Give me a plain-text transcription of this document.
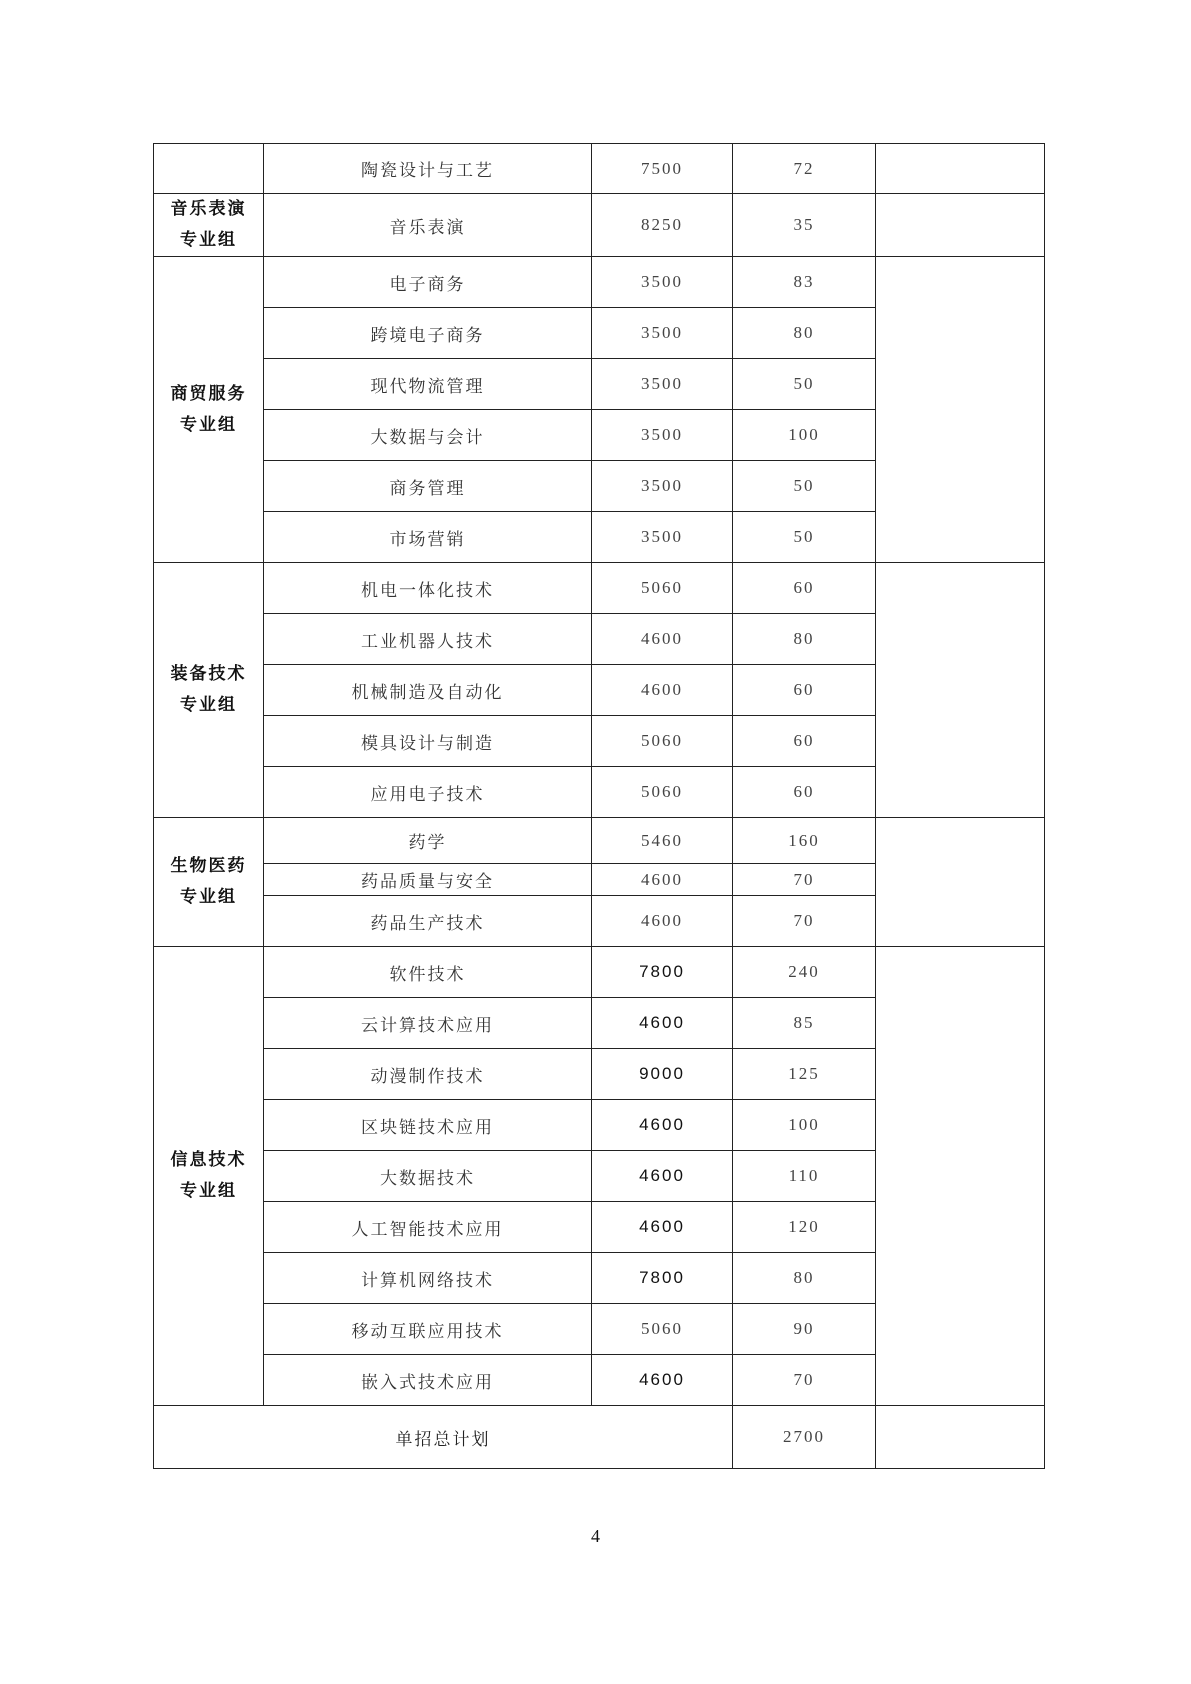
	陶瓷设计与工艺	7500	72	
音乐表演
专业组	音乐表演	8250	35	
商贸服务
专业组	电子商务	3500	83	
	跨境电子商务	3500	80	
	现代物流管理	3500	50	
	大数据与会计	3500	100	
	商务管理	3500	50	
	市场营销	3500	50	
装备技术
专业组	机电一体化技术	5060	60	
	工业机器人技术	4600	80	
	机械制造及自动化	4600	60	
	模具设计与制造	5060	60	
	应用电子技术	5060	60	
生物医药
专业组	药学	5460	160	
	药品质量与安全	4600	70	
	药品生产技术	4600	70	
信息技术
专业组	软件技术	7800	240	
	云计算技术应用	4600	85	
	动漫制作技术	9000	125	
	区块链技术应用	4600	100	
	大数据技术	4600	110	
	人工智能技术应用	4600	120	
	计算机网络技术	7800	80	
	移动互联应用技术	5060	90	
	嵌入式技术应用	4600	70	
单招总计划			2700	
4
